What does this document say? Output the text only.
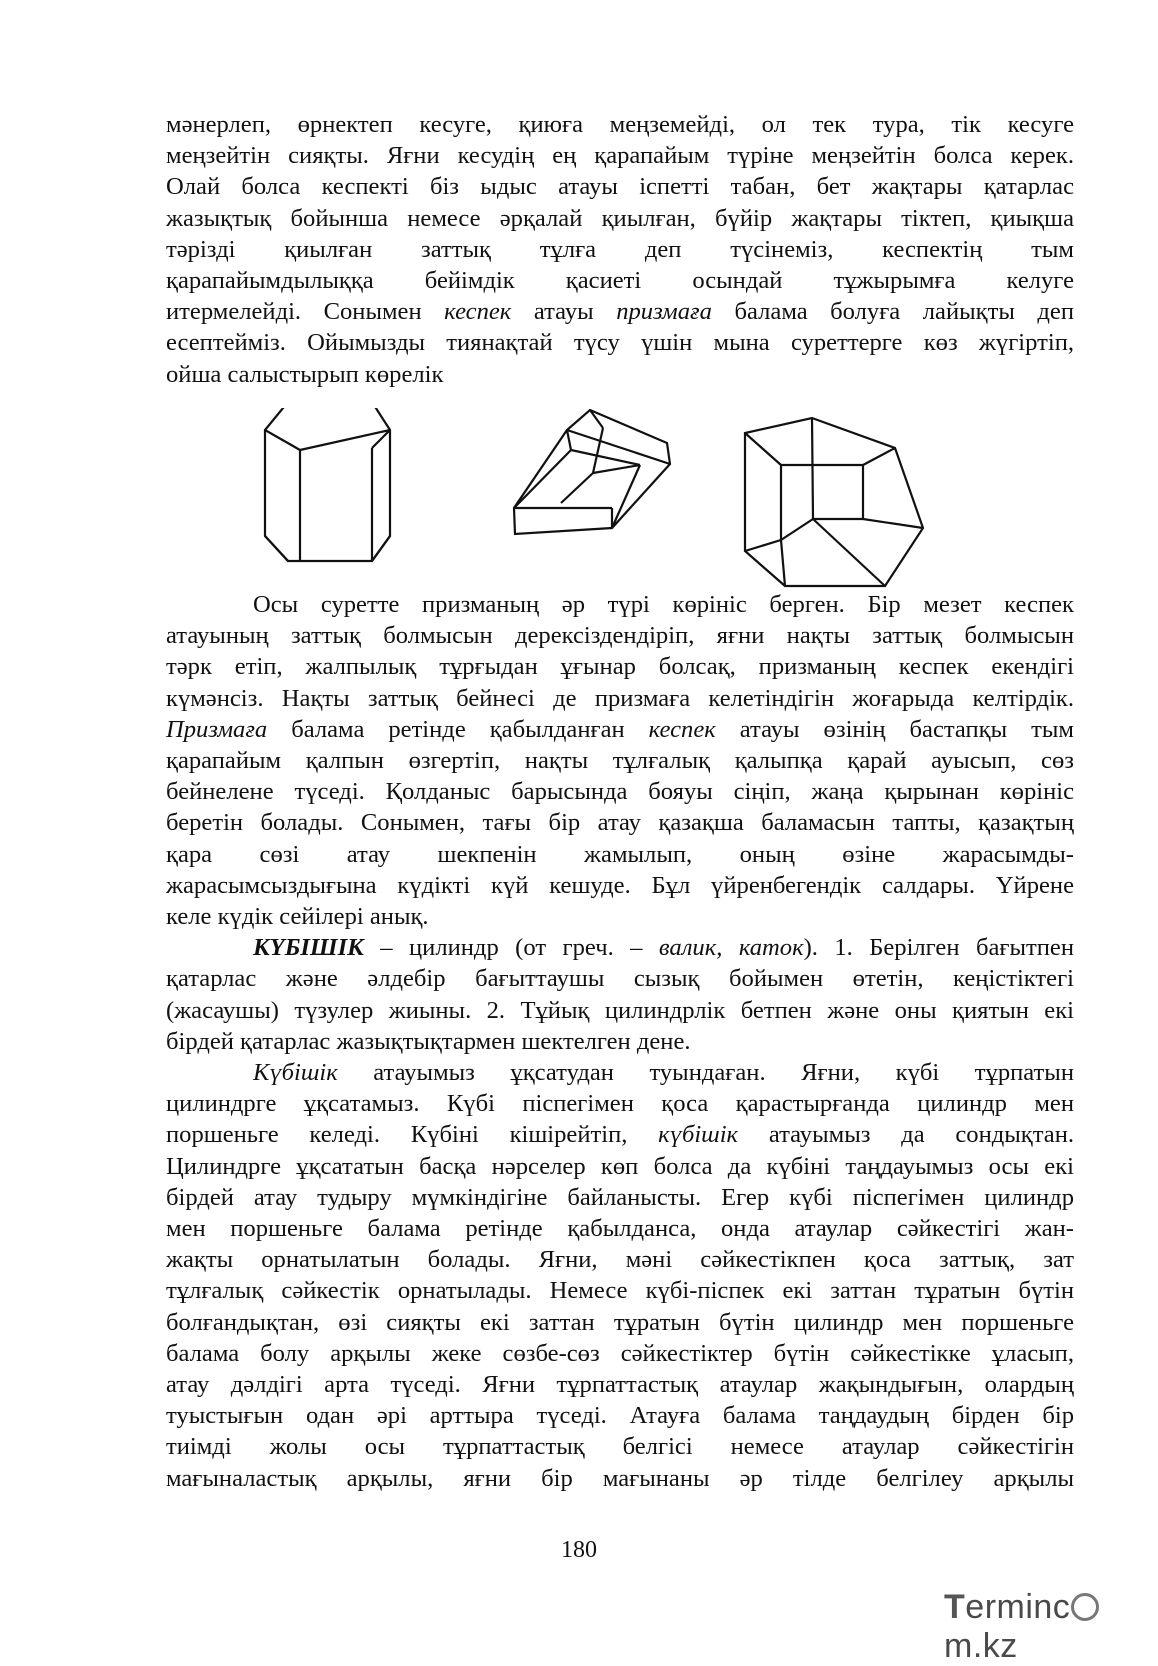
мәнерлеп, өрнектеп кесуге, қиюға меңземейді, ол тек тура, тік кесуге
меңзейтін сияқты. Яғни кесудің ең қарапайым түріне меңзейтін болса керек.
Олай болса кеспекті біз ыдыс атауы іспетті табан, бет жақтары қатарлас
жазықтық бойынша немесе әрқалай қиылған, бүйір жақтары тіктеп, қиықша
тәрізді қиылған заттық тұлға деп түсінеміз, кеспектің тым
қарапайымдылыққа бейімдік қасиеті осындай тұжырымға келуге
итермелейді. Сонымен кеспек атауы призмаға балама болуға лайықты деп
есептейміз. Ойымызды тиянақтай түсу үшін мына суреттерге көз жүгіртіп,
ойша салыстырып көрелік

Осы суретте призманың әр түрі көрініс берген. Бір мезет кеспек
атауының заттық болмысын дерексіздендіріп, яғни нақты заттық болмысын
тәрк етіп, жалпылық тұрғыдан ұғынар болсақ, призманың кеспек екендігі
күмәнсіз. Нақты заттық бейнесі де призмаға келетіндігін жоғарыда келтірдік.
Призмаға балама ретінде қабылданған кеспек атауы өзінің бастапқы тым
қарапайым қалпын өзгертіп, нақты тұлғалық қалыпқа қарай ауысып, сөз
бейнелене түседі. Қолданыс барысында бояуы сіңіп, жаңа қырынан көрініс
беретін болады. Сонымен, тағы бір атау қазақша баламасын тапты, қазақтың
қара сөзі атау шекпенін жамылып, оның өзіне жарасымды-
жарасымсыздығына күдікті күй кешуде. Бұл үйренбегендік салдары. Үйрене
келе күдік сейілері анық.

КҮБІШІК – цилиндр (от греч. – валик, каток). 1. Берілген бағытпен
қатарлас және әлдебір бағыттаушы сызық бойымен өтетін, кеңістіктегі
(жасаушы) түзулер жиыны. 2. Тұйық цилиндрлік бетпен және оны қиятын екі
бірдей қатарлас жазықтықтармен шектелген дене.

Күбішік атауымыз ұқсатудан туындаған. Яғни, күбі тұрпатын
цилиндрге ұқсатамыз. Күбі піспегімен қоса қарастырғанда цилиндр мен
поршеньге келеді. Күбіні кішірейтіп, күбішік атауымыз да сондықтан.
Цилиндрге ұқсататын басқа нәрселер көп болса да күбіні таңдауымыз осы екі
бірдей атау тудыру мүмкіндігіне байланысты. Егер күбі піспегімен цилиндр
мен поршеньге балама ретінде қабылданса, онда атаулар сәйкестігі жан-
жақты орнатылатын болады. Яғни, мәні сәйкестікпен қоса заттық, зат
тұлғалық сәйкестік орнатылады. Немесе күбі-піспек екі заттан тұратын бүтін
болғандықтан, өзі сияқты екі заттан тұратын бүтін цилиндр мен поршеньге
балама болу арқылы жеке сөзбе-сөз сәйкестіктер бүтін сәйкестікке ұласып,
атау дәлдігі арта түседі. Яғни тұрпаттастық атаулар жақындығын, олардың
туыстығын одан әрі арттыра түседі. Атауға балама таңдаудың бірден бір
тиімді жолы осы тұрпаттастық белгісі немесе атаулар сәйкестігін
мағыналастық арқылы, яғни бір мағынаны әр тілде белгілеу арқылы

180
Termincm.kz
